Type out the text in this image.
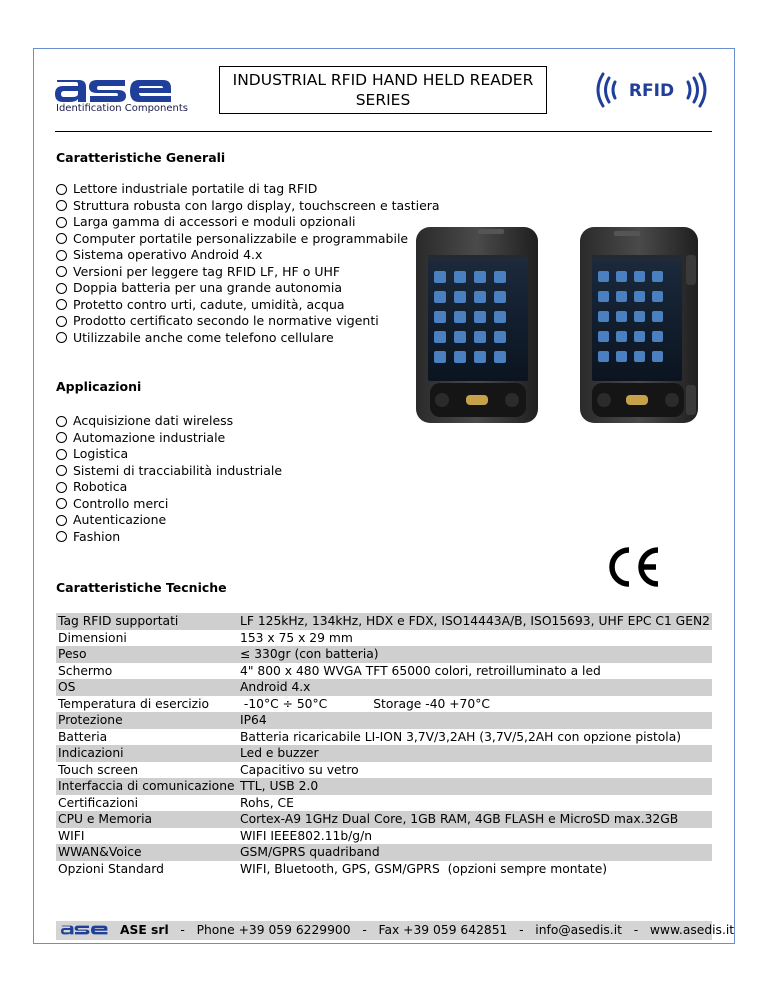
Identification Components
INDUSTRIAL RFID HAND HELD READER SERIES	RFID
Caratteristiche Generali
Lettore industriale portatile di tag RFID
Struttura robusta con largo display, touchscreen e tastiera
Larga gamma di accessori e moduli opzionali
Computer portatile personalizzabile e programmabile
Sistema operativo Android 4.x
Versioni per leggere tag RFID LF, HF o UHF
Doppia batteria per una grande autonomia
Protetto contro urti, cadute, umidità, acqua
Prodotto certificato secondo le normative vigenti
Utilizzabile anche come telefono cellulare
Applicazioni
Acquisizione dati wireless
Automazione industriale
Logistica
Sistemi di tracciabilità industriale
Robotica
Controllo merci
Autenticazione
Fashion
Caratteristiche Tecniche
Tag RFID supportati	LF 125kHz, 134kHz, HDX e FDX, ISO14443A/B, ISO15693, UHF EPC C1 GEN2
Dimensioni	153 x 75 x 29 mm
Peso	≤ 330gr (con batteria)
Schermo	4" 800 x 480 WVGA TFT 65000 colori, retroilluminato a led
OS	Android 4.x
Temperatura di esercizio	-10°C ÷ 50°C Storage -40 +70°C
Protezione	IP64
Batteria	Batteria ricaricabile LI-ION 3,7V/3,2AH (3,7V/5,2AH con opzione pistola)
Indicazioni	Led e buzzer
Touch screen	Capacitivo su vetro
Interfaccia di comunicazione	TTL, USB 2.0
Certificazioni	Rohs, CE
CPU e Memoria	Cortex-A9 1GHz Dual Core, 1GB RAM, 4GB FLASH e MicroSD max.32GB
WIFI	WIFI IEEE802.11b/g/n
WWAN&Voice	GSM/GPRS quadriband
Opzioni Standard	WIFI, Bluetooth, GPS, GSM/GPRS  (opzioni sempre montate)
ASE srl   -   Phone +39 059 6229900   -   Fax +39 059 642851   -   info@asedis.it   -   www.asedis.it
